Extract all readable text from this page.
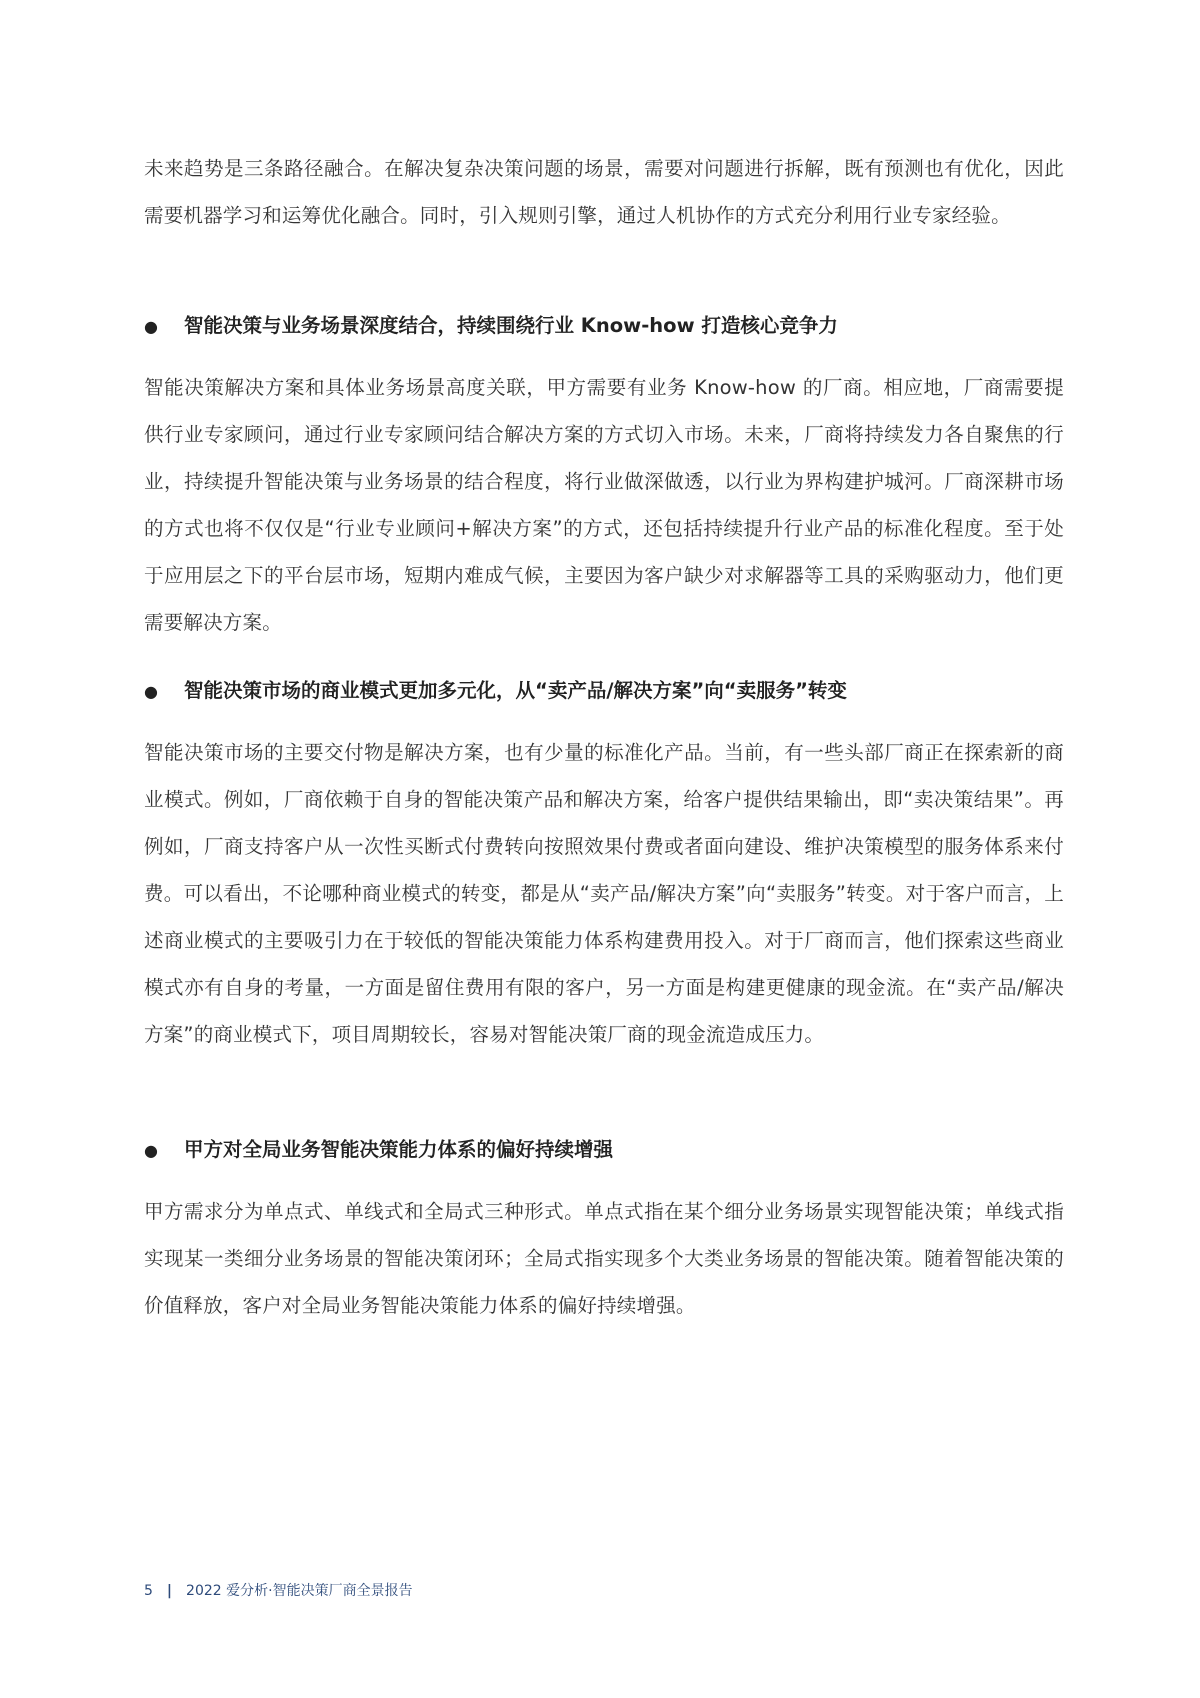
未来趋势是三条路径融合。在解决复杂决策问题的场景，需要对问题进行拆解，既有预测也有优化，因此需要机器学习和运筹优化融合。同时，引入规则引擎，通过人机协作的方式充分利用行业专家经验。
● 智能决策与业务场景深度结合，持续围绕行业 Know-how 打造核心竞争力
智能决策解决方案和具体业务场景高度关联，甲方需要有业务 Know-how 的厂商。相应地，厂商需要提供行业专家顾问，通过行业专家顾问结合解决方案的方式切入市场。未来，厂商将持续发力各自聚焦的行业，持续提升智能决策与业务场景的结合程度，将行业做深做透，以行业为界构建护城河。厂商深耕市场的方式也将不仅仅是“行业专业顾问+解决方案”的方式，还包括持续提升行业产品的标准化程度。至于处于应用层之下的平台层市场，短期内难成气候，主要因为客户缺少对求解器等工具的采购驱动力，他们更需要解决方案。
● 智能决策市场的商业模式更加多元化，从“卖产品/解决方案”向“卖服务”转变
智能决策市场的主要交付物是解决方案，也有少量的标准化产品。当前，有一些头部厂商正在探索新的商业模式。例如，厂商依赖于自身的智能决策产品和解决方案，给客户提供结果输出，即“卖决策结果”。再例如，厂商支持客户从一次性买断式付费转向按照效果付费或者面向建设、维护决策模型的服务体系来付费。可以看出，不论哪种商业模式的转变，都是从“卖产品/解决方案”向“卖服务”转变。对于客户而言，上述商业模式的主要吸引力在于较低的智能决策能力体系构建费用投入。对于厂商而言，他们探索这些商业模式亦有自身的考量，一方面是留住费用有限的客户，另一方面是构建更健康的现金流。在“卖产品/解决方案”的商业模式下，项目周期较长，容易对智能决策厂商的现金流造成压力。
● 甲方对全局业务智能决策能力体系的偏好持续增强
甲方需求分为单点式、单线式和全局式三种形式。单点式指在某个细分业务场景实现智能决策；单线式指实现某一类细分业务场景的智能决策闭环；全局式指实现多个大类业务场景的智能决策。随着智能决策的价值释放，客户对全局业务智能决策能力体系的偏好持续增强。
5 | 2022 爱分析·智能决策厂商全景报告
